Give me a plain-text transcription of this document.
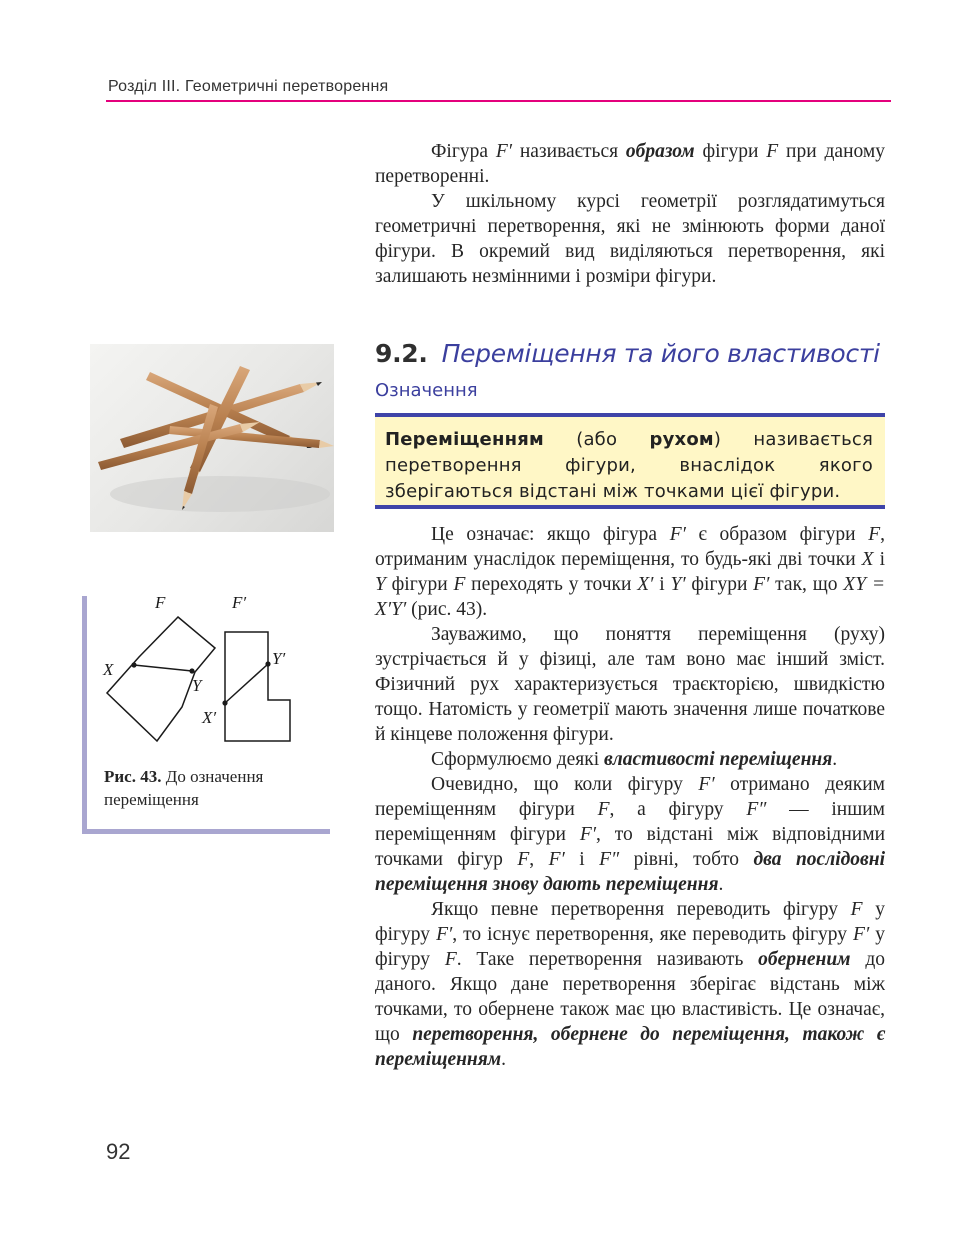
Розділ III. Геометричні перетворення

Фігура F′ називається образом фігури F при даному перетворенні.

У шкільному курсі геометрії розглядатимуться геометричні перетворення, які не змінюють форми даної фігури. В окремий вид виділяються перетворення, які залишають незмінними і розміри фігури.

9.2. Переміщення та його властивості
Означення
Переміщенням (або рухом) називається перетворення фігури, внаслідок якого зберігаються відстані між точками цієї фігури.

Це означає: якщо фігура F′ є образом фігури F, отриманим унаслідок переміщення, то будь-які дві точки X і Y фігури F переходять у точки X′ і Y′ фігури F′ так, що XY = X′Y′ (рис. 43).

Зауважимо, що поняття переміщення (руху) зустрічається й у фізиці, але там воно має інший зміст. Фізичний рух характеризується траєкторією, швидкістю тощо. Натомість у геометрії мають значення лише початкове й кінцеве положення фігури.

Сформулюємо деякі властивості переміщення.

Очевидно, що коли фігуру F′ отримано деяким переміщенням фігури F, а фігуру F″ — іншим переміщенням фігури F′, то відстані між відповідними точками фігур F, F′ і F″ рівні, тобто два послідовні переміщення знову дають переміщення.

Якщо певне перетворення переводить фігуру F у фігуру F′, то існує перетворення, яке переводить фігуру F′ у фігуру F. Таке перетворення називають оберненим до даного. Якщо дане перетворення зберігає відстань між точками, то обернене також має цю властивість. Це означає, що перетворення, обернене до переміщення, також є переміщенням.

F	F′
X
Y
X′
Y′
Рис. 43. До означення переміщення
92
